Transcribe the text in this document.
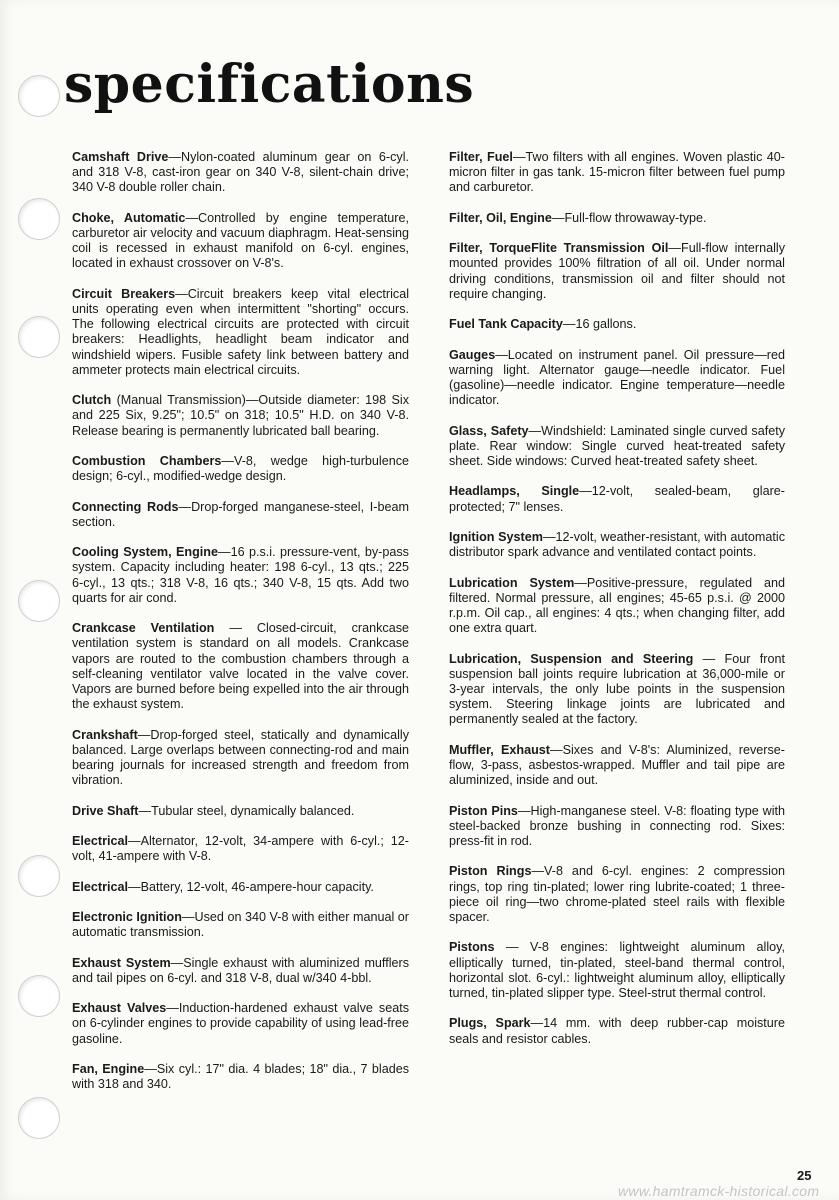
specifications

Camshaft Drive—Nylon-coated aluminum gear on 6-cyl. and 318 V-8, cast-iron gear on 340 V-8, silent-chain drive; 340 V-8 double roller chain.

Choke, Automatic—Controlled by engine temperature, carburetor air velocity and vacuum diaphragm. Heat-sensing coil is recessed in exhaust manifold on 6-cyl. engines, located in exhaust crossover on V-8's.

Circuit Breakers—Circuit breakers keep vital electrical units operating even when intermittent "shorting" occurs. The following electrical circuits are protected with circuit breakers: Headlights, headlight beam indicator and windshield wipers. Fusible safety link between battery and ammeter protects main electrical circuits.

Clutch (Manual Transmission)—Outside diameter: 198 Six and 225 Six, 9.25"; 10.5" on 318; 10.5" H.D. on 340 V-8. Release bearing is permanently lubricated ball bearing.

Combustion Chambers—V-8, wedge high-turbulence design; 6-cyl., modified-wedge design.

Connecting Rods—Drop-forged manganese-steel, I-beam section.

Cooling System, Engine—16 p.s.i. pressure-vent, by-pass system. Capacity including heater: 198 6-cyl., 13 qts.; 225 6-cyl., 13 qts.; 318 V-8, 16 qts.; 340 V-8, 15 qts. Add two quarts for air cond.

Crankcase Ventilation — Closed-circuit, crankcase ventilation system is standard on all models. Crankcase vapors are routed to the combustion chambers through a self-cleaning ventilator valve located in the valve cover. Vapors are burned before being expelled into the air through the exhaust system.

Crankshaft—Drop-forged steel, statically and dynamically balanced. Large overlaps between connecting-rod and main bearing journals for increased strength and freedom from vibration.

Drive Shaft—Tubular steel, dynamically balanced.

Electrical—Alternator, 12-volt, 34-ampere with 6-cyl.; 12-volt, 41-ampere with V-8.

Electrical—Battery, 12-volt, 46-ampere-hour capacity.

Electronic Ignition—Used on 340 V-8 with either manual or automatic transmission.

Exhaust System—Single exhaust with aluminized mufflers and tail pipes on 6-cyl. and 318 V-8, dual w/340 4-bbl.

Exhaust Valves—Induction-hardened exhaust valve seats on 6-cylinder engines to provide capability of using lead-free gasoline.

Fan, Engine—Six cyl.: 17" dia. 4 blades; 18" dia., 7 blades with 318 and 340.

Filter, Fuel—Two filters with all engines. Woven plastic 40-micron filter in gas tank. 15-micron filter between fuel pump and carburetor.

Filter, Oil, Engine—Full-flow throwaway-type.

Filter, TorqueFlite Transmission Oil—Full-flow internally mounted provides 100% filtration of all oil. Under normal driving conditions, transmission oil and filter should not require changing.

Fuel Tank Capacity—16 gallons.

Gauges—Located on instrument panel. Oil pressure—red warning light. Alternator gauge—needle indicator. Fuel (gasoline)—needle indicator. Engine temperature—needle indicator.

Glass, Safety—Windshield: Laminated single curved safety plate. Rear window: Single curved heat-treated safety sheet. Side windows: Curved heat-treated safety sheet.

Headlamps, Single—12-volt, sealed-beam, glare-protected; 7" lenses.

Ignition System—12-volt, weather-resistant, with automatic distributor spark advance and ventilated contact points.

Lubrication System—Positive-pressure, regulated and filtered. Normal pressure, all engines; 45-65 p.s.i. @ 2000 r.p.m. Oil cap., all engines: 4 qts.; when changing filter, add one extra quart.

Lubrication, Suspension and Steering — Four front suspension ball joints require lubrication at 36,000-mile or 3-year intervals, the only lube points in the suspension system. Steering linkage joints are lubricated and permanently sealed at the factory.

Muffler, Exhaust—Sixes and V-8's: Aluminized, reverse-flow, 3-pass, asbestos-wrapped. Muffler and tail pipe are aluminized, inside and out.

Piston Pins—High-manganese steel. V-8: floating type with steel-backed bronze bushing in connecting rod. Sixes: press-fit in rod.

Piston Rings—V-8 and 6-cyl. engines: 2 compression rings, top ring tin-plated; lower ring lubrite-coated; 1 three-piece oil ring—two chrome-plated steel rails with flexible spacer.

Pistons — V-8 engines: lightweight aluminum alloy, elliptically turned, tin-plated, steel-band thermal control, horizontal slot. 6-cyl.: lightweight aluminum alloy, elliptically turned, tin-plated slipper type. Steel-strut thermal control.

Plugs, Spark—14 mm. with deep rubber-cap moisture seals and resistor cables.

25
www.hamtramck-historical.com
